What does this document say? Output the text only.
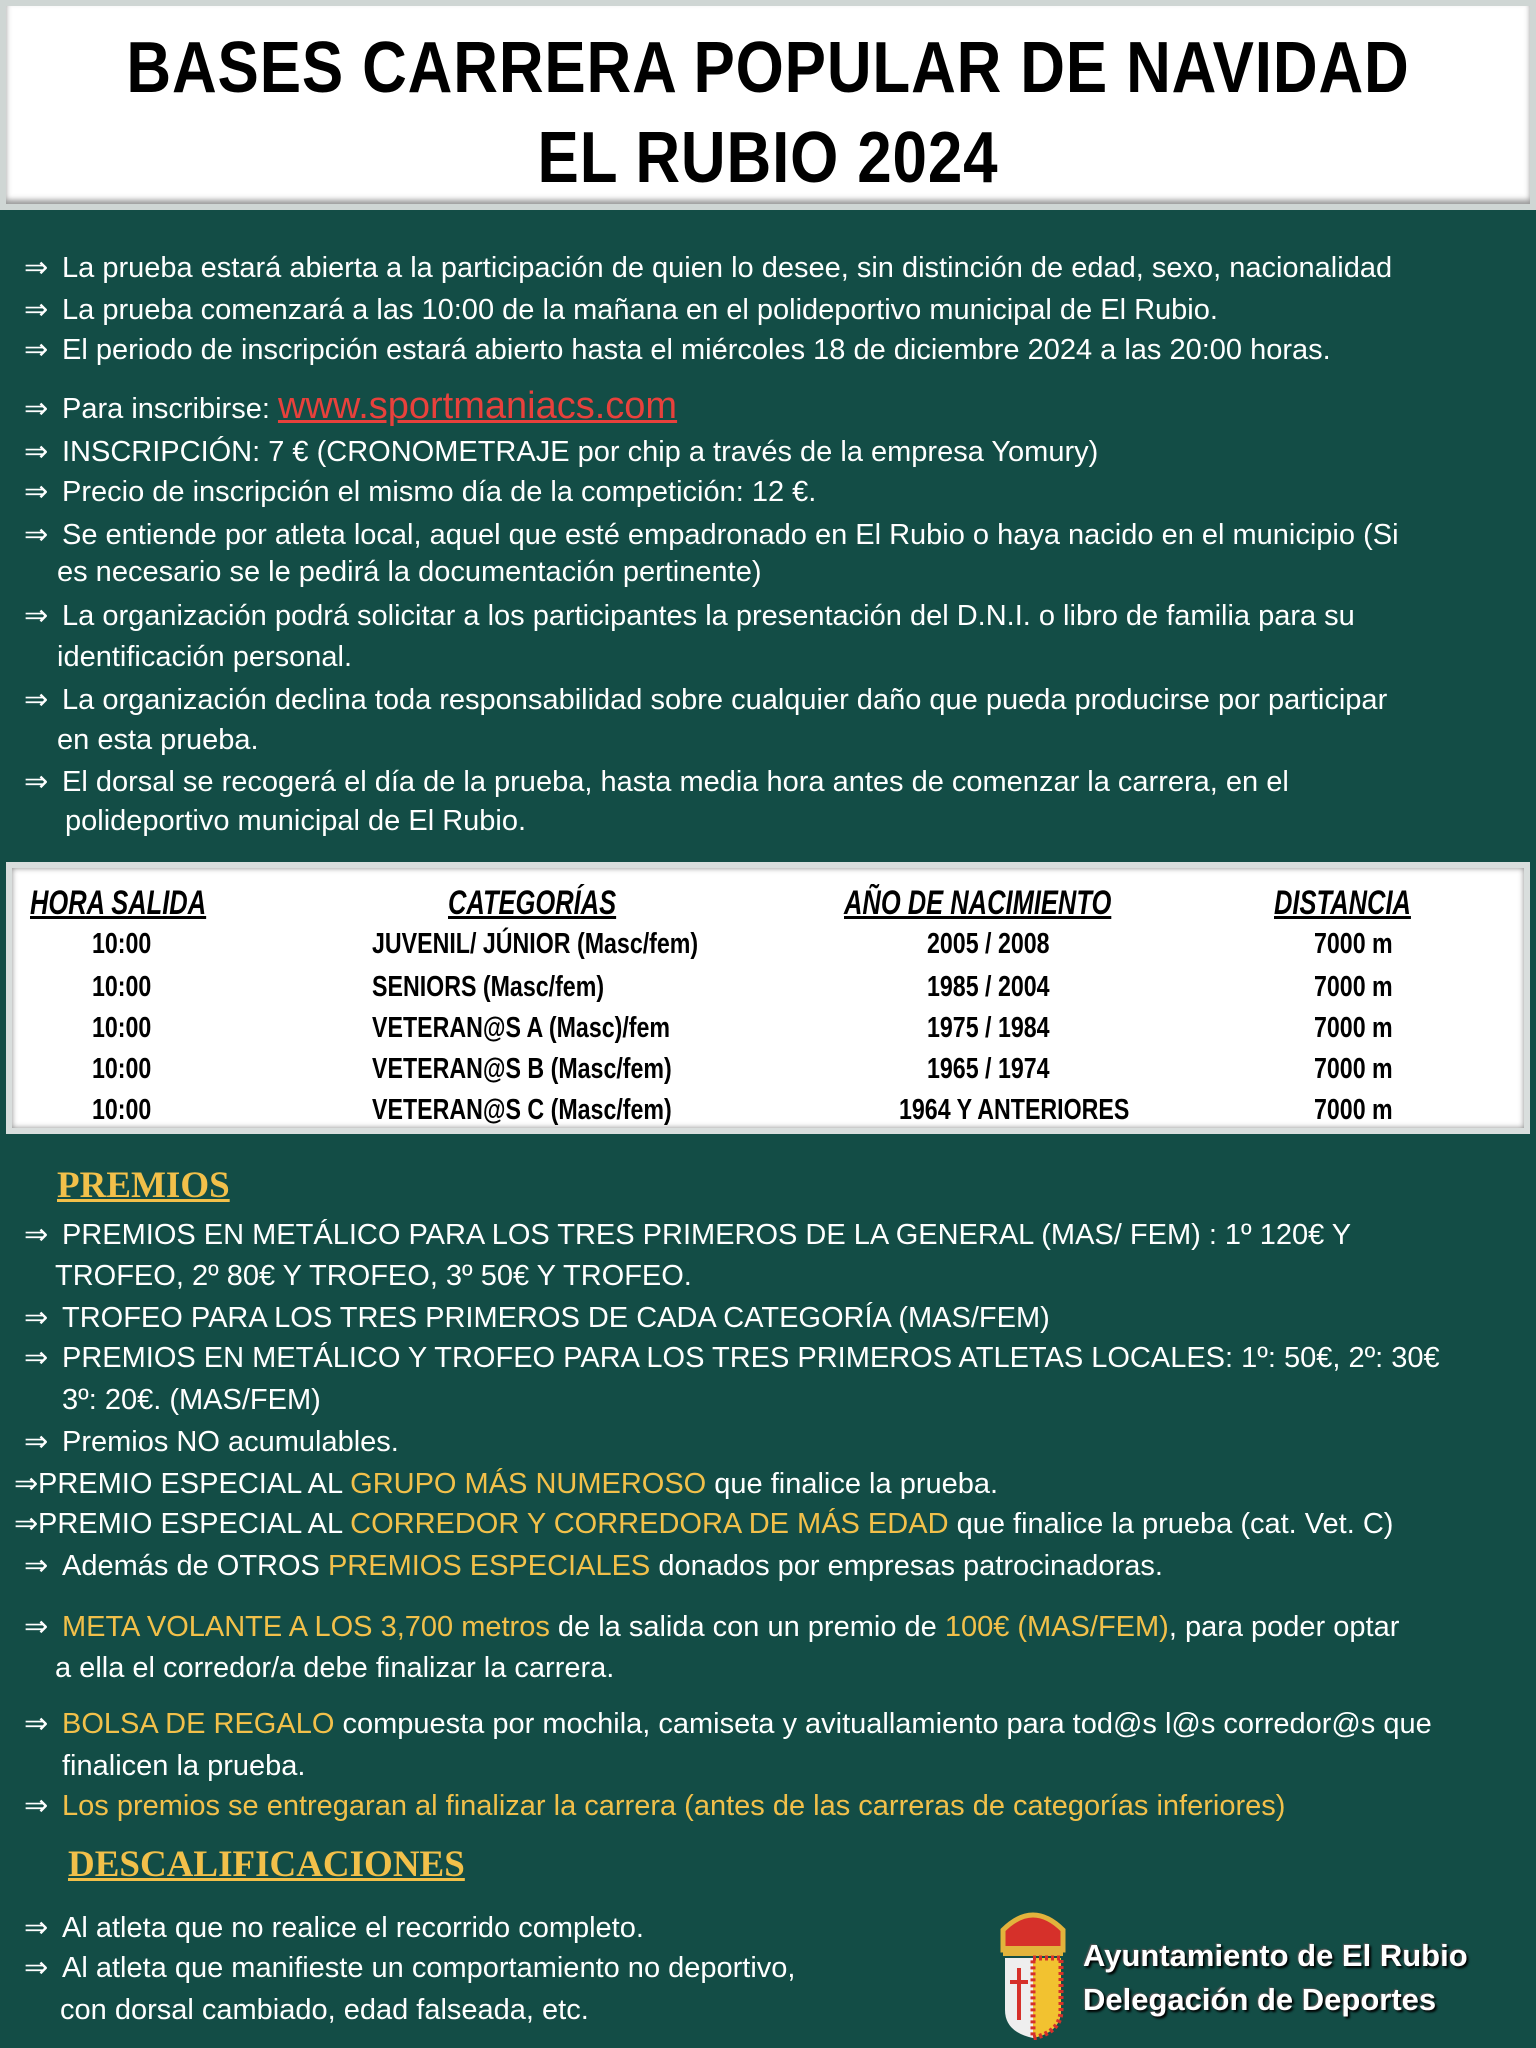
BASES CARRERA POPULAR DE NAVIDAD
EL RUBIO 2024
⇒ La prueba estará abierta a la participación de quien lo desee, sin distinción de edad, sexo, nacionalidad
⇒ La prueba comenzará a las 10:00 de la mañana en el polideportivo municipal de El Rubio.
⇒ El periodo de inscripción estará abierto hasta el miércoles 18 de diciembre 2024 a las 20:00 horas.
⇒ Para inscribirse: www.sportmaniacs.com
⇒ INSCRIPCIÓN: 7 € (CRONOMETRAJE por chip a través de la empresa Yomury)
⇒ Precio de inscripción el mismo día de la competición: 12 €.
⇒ Se entiende por atleta local, aquel que esté empadronado en El Rubio o haya nacido en el municipio (Si
es necesario se le pedirá la documentación pertinente)
⇒ La organización podrá solicitar a los participantes la presentación del D.N.I. o libro de familia para su
identificación personal.
⇒ La organización declina toda responsabilidad sobre cualquier daño que pueda producirse por participar
en esta prueba.
⇒ El dorsal se recogerá el día de la prueba, hasta media hora antes de comenzar la carrera, en el
polideportivo municipal de El Rubio.
HORA SALIDA	CATEGORÍAS	AÑO DE NACIMIENTO	DISTANCIA
10:00	JUVENIL/ JÚNIOR (Masc/fem)	2005 / 2008	7000 m
10:00	SENIORS (Masc/fem)	1985 / 2004	7000 m
10:00	VETERAN@S A (Masc)/fem	1975 / 1984	7000 m
10:00	VETERAN@S B (Masc/fem)	1965 / 1974	7000 m
10:00	VETERAN@S C (Masc/fem)	1964 Y ANTERIORES	7000 m
PREMIOS
⇒ PREMIOS EN METÁLICO PARA LOS TRES PRIMEROS DE LA GENERAL (MAS/ FEM) : 1º 120€ Y
TROFEO, 2º 80€ Y TROFEO, 3º 50€ Y TROFEO.
⇒ TROFEO PARA LOS TRES PRIMEROS DE CADA CATEGORÍA (MAS/FEM)
⇒ PREMIOS EN METÁLICO Y TROFEO PARA LOS TRES PRIMEROS ATLETAS LOCALES: 1º: 50€, 2º: 30€
3º: 20€. (MAS/FEM)
⇒ Premios NO acumulables.
⇒PREMIO ESPECIAL AL GRUPO MÁS NUMEROSO que finalice la prueba.
⇒PREMIO ESPECIAL AL CORREDOR Y CORREDORA DE MÁS EDAD que finalice la prueba (cat. Vet. C)
⇒ Además de OTROS PREMIOS ESPECIALES donados por empresas patrocinadoras.
⇒ META VOLANTE A LOS 3,700 metros de la salida con un premio de 100€ (MAS/FEM), para poder optar
a ella el corredor/a debe finalizar la carrera.
⇒ BOLSA DE REGALO compuesta por mochila, camiseta y avituallamiento para tod@s l@s corredor@s que
finalicen la prueba.
⇒ Los premios se entregaran al finalizar la carrera (antes de las carreras de categorías inferiores)
DESCALIFICACIONES
⇒ Al atleta que no realice el recorrido completo.
⇒ Al atleta que manifieste un comportamiento no deportivo,
con dorsal cambiado, edad falseada, etc.
Ayuntamiento de El Rubio
Delegación de Deportes
